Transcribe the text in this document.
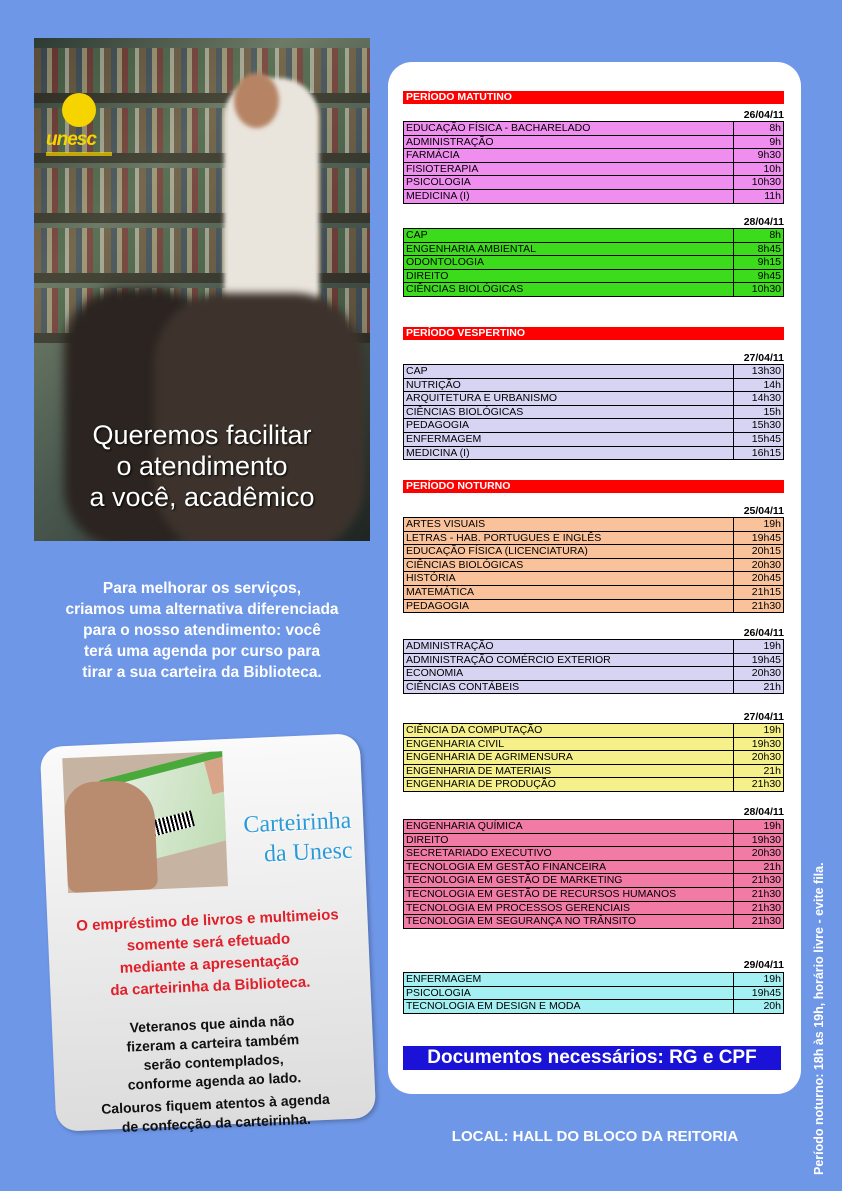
unesc
Queremos facilitar
o atendimento
a você, acadêmico
Para melhorar os serviços,
criamos uma alternativa diferenciada
para o nosso atendimento: você
terá uma agenda por curso para
tirar a sua carteira da Biblioteca.
Carteirinha
da Unesc
O empréstimo de livros e multimeios
somente será efetuado
mediante a apresentação
da carteirinha da Biblioteca.
Veteranos que ainda não
fizeram a carteira também
serão contemplados,
conforme agenda ao lado.
Calouros fiquem atentos à agenda
de confecção da carteirinha.
PERÍODO MATUTINO
PERÍODO VESPERTINO
PERÍODO NOTURNO
26/04/11
EDUCAÇÃO FÍSICA - BACHARELADO	8h
ADMINISTRAÇÃO	9h
FARMÁCIA	9h30
FISIOTERAPIA	10h
PSICOLOGIA	10h30
MEDICINA (I)	11h
28/04/11
CAP	8h
ENGENHARIA AMBIENTAL	8h45
ODONTOLOGIA	9h15
DIREITO	9h45
CIÊNCIAS BIOLÓGICAS	10h30
27/04/11
CAP	13h30
NUTRIÇÃO	14h
ARQUITETURA E URBANISMO	14h30
CIÊNCIAS BIOLÓGICAS	15h
PEDAGOGIA	15h30
ENFERMAGEM	15h45
MEDICINA (I)	16h15
25/04/11
ARTES VISUAIS	19h
LETRAS - HAB. PORTUGUES E INGLÊS	19h45
EDUCAÇÃO FÍSICA (LICENCIATURA)	20h15
CIÊNCIAS BIOLÓGICAS	20h30
HISTÓRIA	20h45
MATEMÁTICA	21h15
PEDAGOGIA	21h30
26/04/11
ADMINISTRAÇÃO	19h
ADMINISTRAÇÃO COMÉRCIO EXTERIOR	19h45
ECONOMIA	20h30
CIÊNCIAS CONTÁBEIS	21h
27/04/11
CIÊNCIA DA COMPUTAÇÃO	19h
ENGENHARIA CIVIL	19h30
ENGENHARIA DE AGRIMENSURA	20h30
ENGENHARIA DE MATERIAIS	21h
ENGENHARIA DE PRODUÇÃO	21h30
28/04/11
ENGENHARIA QUÍMICA	19h
DIREITO	19h30
SECRETARIADO EXECUTIVO	20h30
TECNOLOGIA EM GESTÃO FINANCEIRA	21h
TECNOLOGIA EM GESTÃO DE MARKETING	21h30
TECNOLOGIA EM GESTÃO DE RECURSOS HUMANOS	21h30
TECNOLOGIA EM PROCESSOS GERENCIAIS	21h30
TECNOLOGIA EM SEGURANÇA NO TRÂNSITO	21h30
29/04/11
ENFERMAGEM	19h
PSICOLOGIA	19h45
TECNOLOGIA EM DESIGN E MODA	20h
Documentos necessários: RG e CPF
LOCAL: HALL DO BLOCO DA REITORIA	Período noturno: 18h às 19h, horário livre - evite fila.
